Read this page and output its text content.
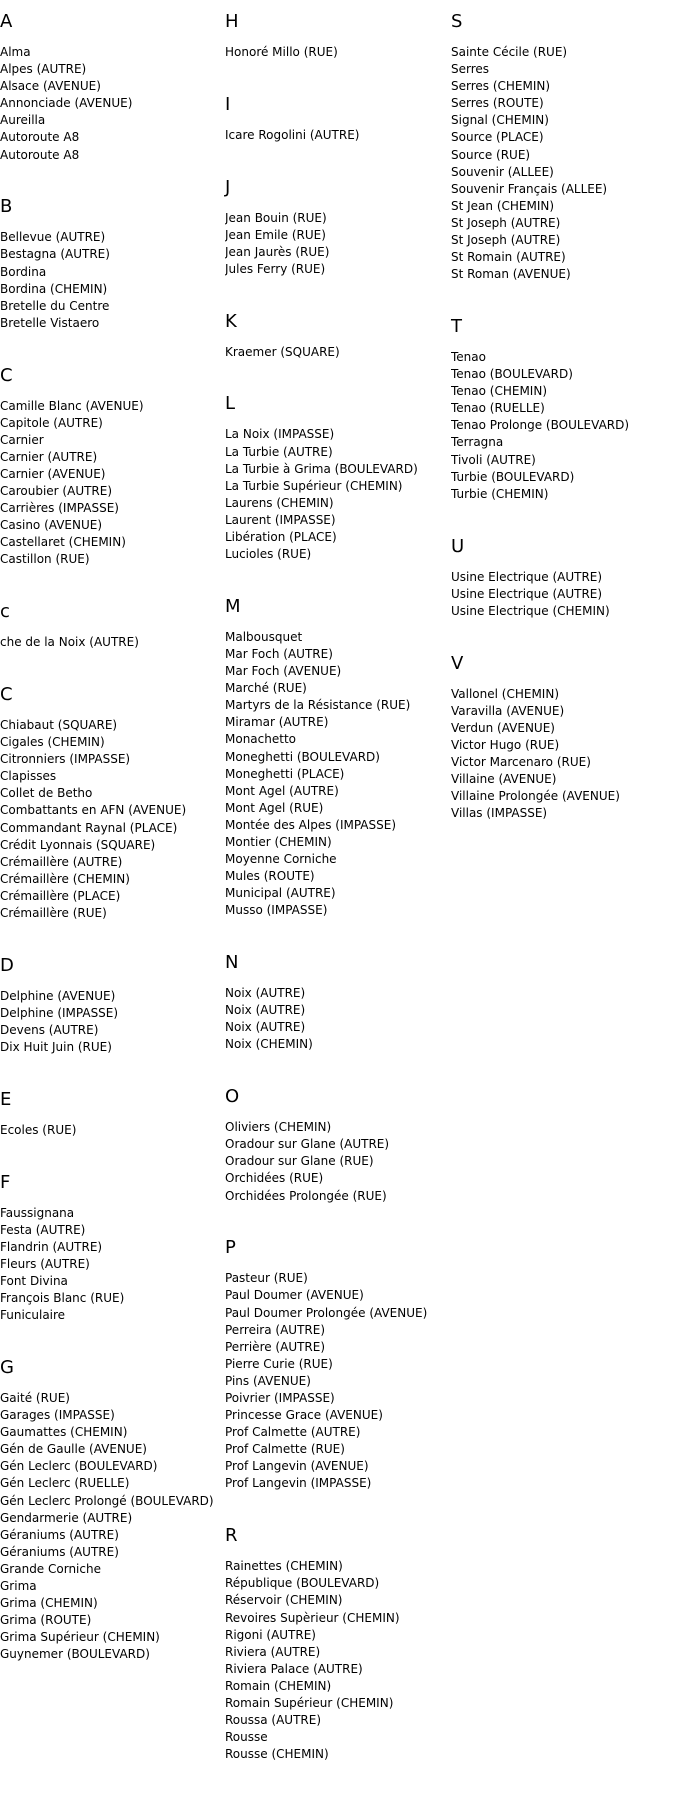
A
Alma
Alpes (AUTRE)
Alsace (AVENUE)
Annonciade (AVENUE)
Aureilla
Autoroute A8
Autoroute A8
B
Bellevue (AUTRE)
Bestagna (AUTRE)
Bordina
Bordina (CHEMIN)
Bretelle du Centre
Bretelle Vistaero
C
Camille Blanc (AVENUE)
Capitole (AUTRE)
Carnier
Carnier (AUTRE)
Carnier (AVENUE)
Caroubier (AUTRE)
Carrières (IMPASSE)
Casino (AVENUE)
Castellaret (CHEMIN)
Castillon (RUE)
c
che de la Noix (AUTRE)
C
Chiabaut (SQUARE)
Cigales (CHEMIN)
Citronniers (IMPASSE)
Clapisses
Collet de Betho
Combattants en AFN (AVENUE)
Commandant Raynal (PLACE)
Crédit Lyonnais (SQUARE)
Crémaillère (AUTRE)
Crémaillère (CHEMIN)
Crémaillère (PLACE)
Crémaillère (RUE)
D
Delphine (AVENUE)
Delphine (IMPASSE)
Devens (AUTRE)
Dix Huit Juin (RUE)
E
Ecoles (RUE)
F
Faussignana
Festa (AUTRE)
Flandrin (AUTRE)
Fleurs (AUTRE)
Font Divina
François Blanc (RUE)
Funiculaire
G
Gaité (RUE)
Garages (IMPASSE)
Gaumattes (CHEMIN)
Gén de Gaulle (AVENUE)
Gén Leclerc (BOULEVARD)
Gén Leclerc (RUELLE)
Gén Leclerc Prolongé (BOULEVARD)
Gendarmerie (AUTRE)
Géraniums (AUTRE)
Géraniums (AUTRE)
Grande Corniche
Grima
Grima (CHEMIN)
Grima (ROUTE)
Grima Supérieur (CHEMIN)
Guynemer (BOULEVARD)
H
Honoré Millo (RUE)
I
Icare Rogolini (AUTRE)
J
Jean Bouin (RUE)
Jean Emile (RUE)
Jean Jaurès (RUE)
Jules Ferry (RUE)
K
Kraemer (SQUARE)
L
La Noix (IMPASSE)
La Turbie (AUTRE)
La Turbie à Grima (BOULEVARD)
La Turbie Supérieur (CHEMIN)
Laurens (CHEMIN)
Laurent (IMPASSE)
Libération (PLACE)
Lucioles (RUE)
M
Malbousquet
Mar Foch (AUTRE)
Mar Foch (AVENUE)
Marché (RUE)
Martyrs de la Résistance (RUE)
Miramar (AUTRE)
Monachetto
Moneghetti (BOULEVARD)
Moneghetti (PLACE)
Mont Agel (AUTRE)
Mont Agel (RUE)
Montée des Alpes (IMPASSE)
Montier (CHEMIN)
Moyenne Corniche
Mules (ROUTE)
Municipal (AUTRE)
Musso (IMPASSE)
N
Noix (AUTRE)
Noix (AUTRE)
Noix (AUTRE)
Noix (CHEMIN)
O
Oliviers (CHEMIN)
Oradour sur Glane (AUTRE)
Oradour sur Glane (RUE)
Orchidées (RUE)
Orchidées Prolongée (RUE)
P
Pasteur (RUE)
Paul Doumer (AVENUE)
Paul Doumer Prolongée (AVENUE)
Perreira (AUTRE)
Perrière (AUTRE)
Pierre Curie (RUE)
Pins (AVENUE)
Poivrier (IMPASSE)
Princesse Grace (AVENUE)
Prof Calmette (AUTRE)
Prof Calmette (RUE)
Prof Langevin (AVENUE)
Prof Langevin (IMPASSE)
R
Rainettes (CHEMIN)
République (BOULEVARD)
Réservoir (CHEMIN)
Revoires Supèrieur (CHEMIN)
Rigoni (AUTRE)
Riviera (AUTRE)
Riviera Palace (AUTRE)
Romain (CHEMIN)
Romain Supérieur (CHEMIN)
Roussa (AUTRE)
Rousse
Rousse (CHEMIN)
S
Sainte Cécile (RUE)
Serres
Serres (CHEMIN)
Serres (ROUTE)
Signal (CHEMIN)
Source (PLACE)
Source (RUE)
Souvenir (ALLEE)
Souvenir Français (ALLEE)
St Jean (CHEMIN)
St Joseph (AUTRE)
St Joseph (AUTRE)
St Romain (AUTRE)
St Roman (AVENUE)
T
Tenao
Tenao (BOULEVARD)
Tenao (CHEMIN)
Tenao (RUELLE)
Tenao Prolonge (BOULEVARD)
Terragna
Tivoli (AUTRE)
Turbie (BOULEVARD)
Turbie (CHEMIN)
U
Usine Electrique (AUTRE)
Usine Electrique (AUTRE)
Usine Electrique (CHEMIN)
V
Vallonel (CHEMIN)
Varavilla (AVENUE)
Verdun (AVENUE)
Victor Hugo (RUE)
Victor Marcenaro (RUE)
Villaine (AVENUE)
Villaine Prolongée (AVENUE)
Villas (IMPASSE)
